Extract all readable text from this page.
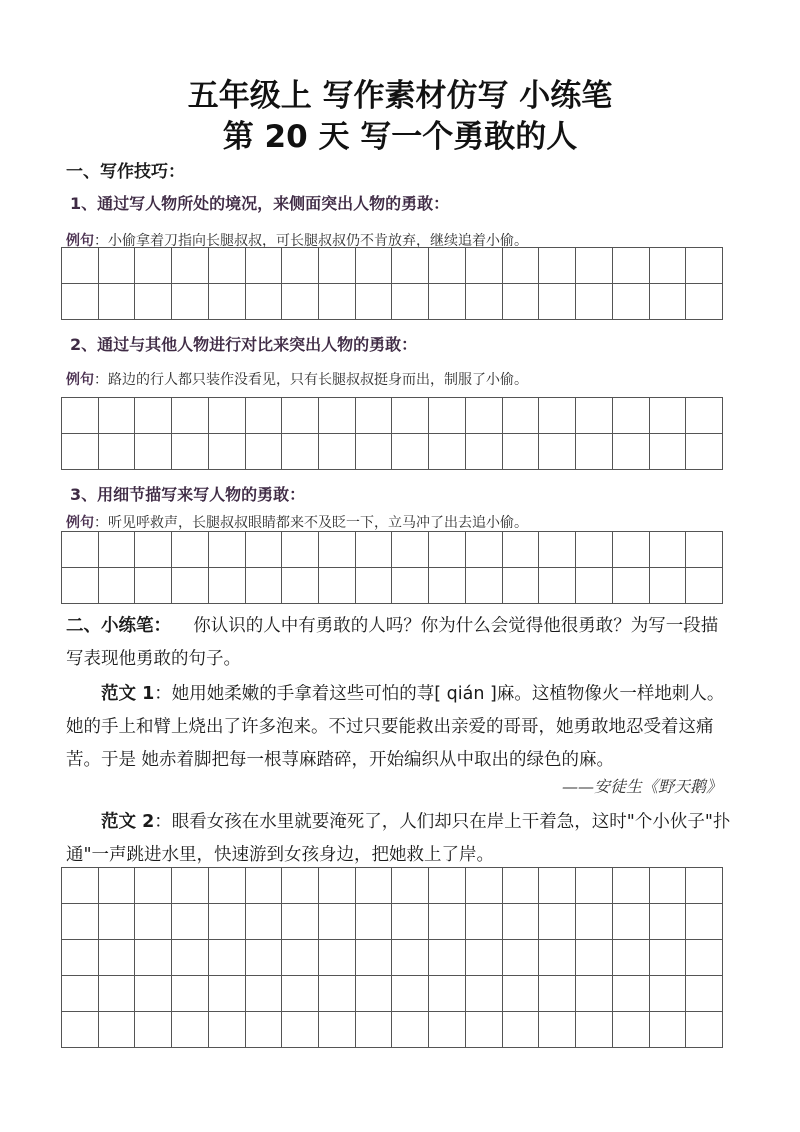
五年级上 写作素材仿写 小练笔
第 20 天 写一个勇敢的人
一、写作技巧：
1、通过写人物所处的境况，来侧面突出人物的勇敢：
例句：小偷拿着刀指向长腿叔叔，可长腿叔叔仍不肯放弃，继续追着小偷。
2、通过与其他人物进行对比来突出人物的勇敢：
例句：路边的行人都只装作没看见，只有长腿叔叔挺身而出，制服了小偷。
3、用细节描写来写人物的勇敢：
例句：听见呼救声，长腿叔叔眼睛都来不及眨一下，立马冲了出去追小偷。
二、小练笔： 你认识的人中有勇敢的人吗？你为什么会觉得他很勇敢？为写一段描写表现他勇敢的句子。
范文 1：她用她柔嫩的手拿着这些可怕的荨[ qián ]麻。这植物像火一样地刺人。她的手上和臂上烧出了许多泡来。不过只要能救出亲爱的哥哥，她勇敢地忍受着这痛苦。于是 她赤着脚把每一根荨麻踏碎，开始编织从中取出的绿色的麻。
——安徒生《野天鹅》
范文 2：眼看女孩在水里就要淹死了，人们却只在岸上干着急，这时"个小伙子"扑通"一声跳进水里，快速游到女孩身边，把她救上了岸。
